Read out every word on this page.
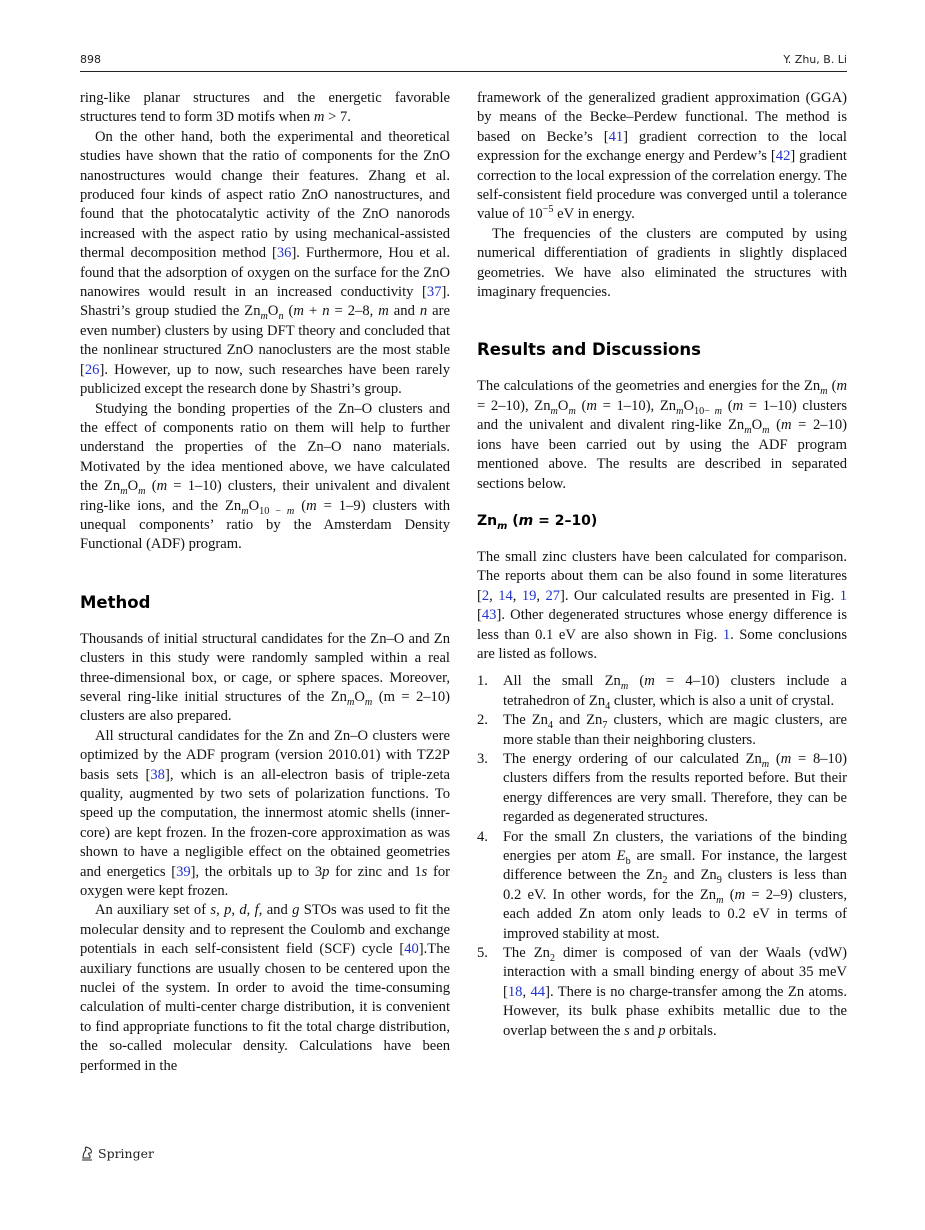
898	Y. Zhu, B. Li

ring-like planar structures and the energetic favorable structures tend to form 3D motifs when m > 7.

On the other hand, both the experimental and theoretical studies have shown that the ratio of components for the ZnO nanostructures would change their features. Zhang et al. produced four kinds of aspect ratio ZnO nanostructures, and found that the photocatalytic activity of the ZnO nanorods increased with the aspect ratio by using mechanical-assisted thermal decomposition method [36]. Furthermore, Hou et al. found that the adsorption of oxygen on the surface for the ZnO nanowires would result in an increased conductivity [37]. Shastri’s group studied the $Zn_mO_n$ (m + n = 2–8, m and n are even number) clusters by using DFT theory and concluded that the nonlinear structured ZnO nanoclusters are the most stable [26]. However, up to now, such researches have been rarely publicized except the research done by Shastri’s group.

Studying the bonding properties of the Zn–O clusters and the effect of components ratio on them will help to further understand the properties of the Zn–O nano materials. Motivated by the idea mentioned above, we have calculated the $Zn_mO_m$ (m = 1–10) clusters, their univalent and divalent ring-like ions, and the $Zn_mO_{10 - m}$ (m = 1–9) clusters with unequal components’ ratio by the Amsterdam Density Functional (ADF) program.

Method

Thousands of initial structural candidates for the Zn–O and Zn clusters in this study were randomly sampled within a real three-dimensional box, or cage, or sphere spaces. Moreover, several ring-like initial structures of the $Zn_mO_m$ (m = 2–10) clusters are also prepared.

All structural candidates for the Zn and Zn–O clusters were optimized by the ADF program (version 2010.01) with TZ2P basis sets [38], which is an all-electron basis of triple-zeta quality, augmented by two sets of polarization functions. To speed up the computation, the innermost atomic shells (inner-core) are kept frozen. In the frozen-core approximation as was shown to have a negligible effect on the obtained geometries and energetics [39], the orbitals up to 3p for zinc and 1s for oxygen were kept frozen.

An auxiliary set of s, p, d, f, and g STOs was used to fit the molecular density and to represent the Coulomb and exchange potentials in each self-consistent field (SCF) cycle [40].The auxiliary functions are usually chosen to be centered upon the nuclei of the system. In order to avoid the time-consuming calculation of multi-center charge distribution, it is convenient to find appropriate functions to fit the total charge distribution, the so-called molecular density. Calculations have been performed in the

framework of the generalized gradient approximation (GGA) by means of the Becke–Perdew functional. The method is based on Becke’s [41] gradient correction to the local expression for the exchange energy and Perdew’s [42] gradient correction to the local expression of the correlation energy. The self-consistent field procedure was converged until a tolerance value of $10^{-5}$ eV in energy.

The frequencies of the clusters are computed by using numerical differentiation of gradients in slightly displaced geometries. We have also eliminated the structures with imaginary frequencies.

Results and Discussions

The calculations of the geometries and energies for the $Zn_m$ (m = 2–10), $Zn_mO_m$ (m = 1–10), $Zn_mO_{10- m}$ (m = 1–10) clusters and the univalent and divalent ring-like $Zn_mO_m$ (m = 2–10) ions have been carried out by using the ADF program mentioned above. The results are described in separated sections below.

$Zn_m$ (m = 2–10)

The small zinc clusters have been calculated for comparison. The reports about them can be also found in some literatures [2, 14, 19, 27]. Our calculated results are presented in Fig. 1 [43]. Other degenerated structures whose energy difference is less than 0.1 eV are also shown in Fig. 1. Some conclusions are listed as follows.

1. All the small $Zn_m$ (m = 4–10) clusters include a tetrahedron of $Zn_4$ cluster, which is also a unit of crystal.
2. The $Zn_4$ and $Zn_7$ clusters, which are magic clusters, are more stable than their neighboring clusters.
3. The energy ordering of our calculated $Zn_m$ (m = 8–10) clusters differs from the results reported before. But their energy differences are very small. Therefore, they can be regarded as degenerated structures.
4. For the small Zn clusters, the variations of the binding energies per atom $E_b$ are small. For instance, the largest difference between the $Zn_2$ and $Zn_9$ clusters is less than 0.2 eV. In other words, for the $Zn_m$ (m = 2–9) clusters, each added Zn atom only leads to 0.2 eV in terms of improved stability at most.
5. The $Zn_2$ dimer is composed of van der Waals (vdW) interaction with a small binding energy of about 35 meV [18, 44]. There is no charge-transfer among the Zn atoms. However, its bulk phase exhibits metallic due to the overlap between the s and p orbitals.
Springer
